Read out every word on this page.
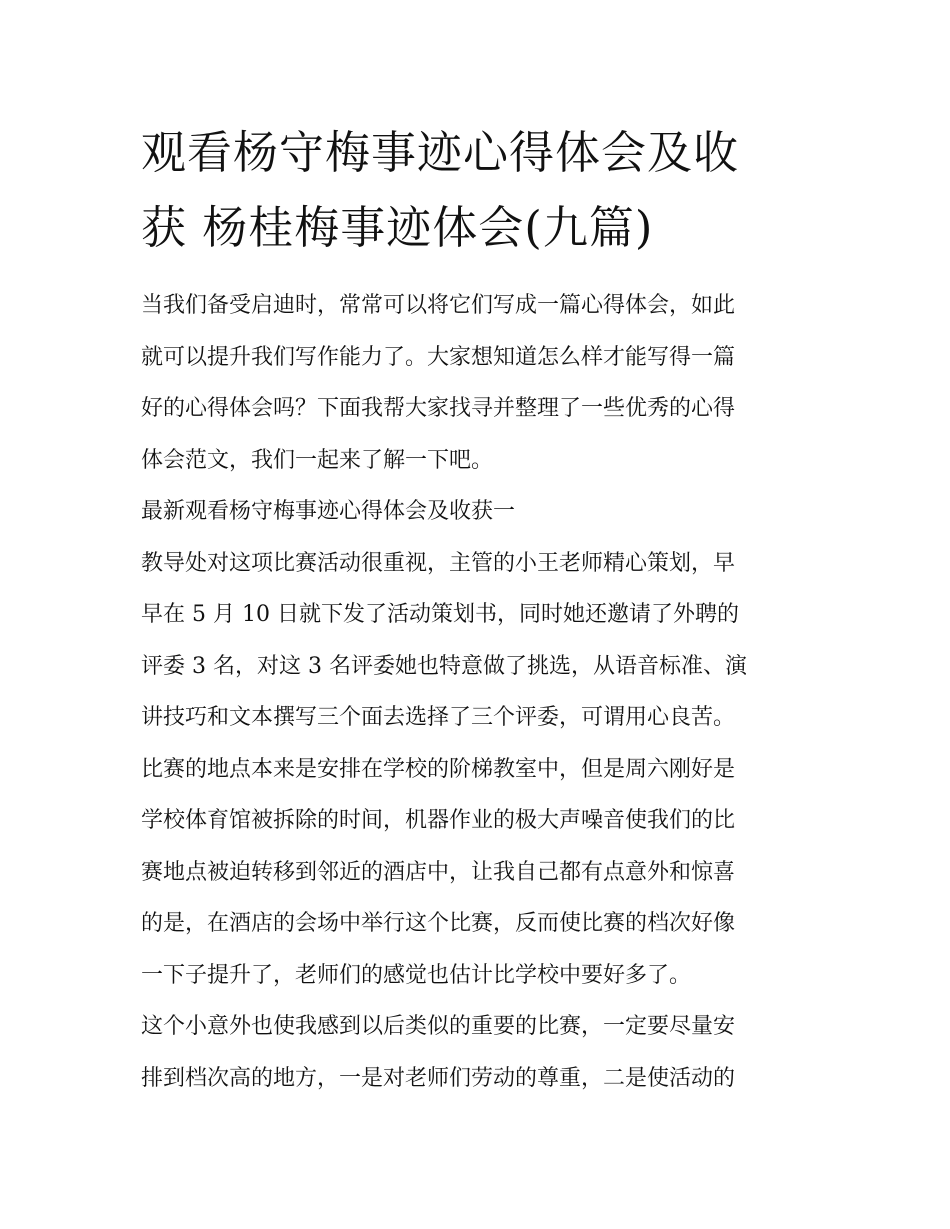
观看杨守梅事迹心得体会及收
获 杨桂梅事迹体会(九篇)
当我们备受启迪时，常常可以将它们写成一篇心得体会，如此
就可以提升我们写作能力了。大家想知道怎么样才能写得一篇
好的心得体会吗？下面我帮大家找寻并整理了一些优秀的心得
体会范文，我们一起来了解一下吧。
最新观看杨守梅事迹心得体会及收获一
教导处对这项比赛活动很重视，主管的小王老师精心策划，早
早在 5 月 10 日就下发了活动策划书，同时她还邀请了外聘的
评委 3 名，对这 3 名评委她也特意做了挑选，从语音标准、演
讲技巧和文本撰写三个面去选择了三个评委，可谓用心良苦。
比赛的地点本来是安排在学校的阶梯教室中，但是周六刚好是
学校体育馆被拆除的时间，机器作业的极大声噪音使我们的比
赛地点被迫转移到邻近的酒店中，让我自己都有点意外和惊喜
的是，在酒店的会场中举行这个比赛，反而使比赛的档次好像
一下子提升了，老师们的感觉也估计比学校中要好多了。
这个小意外也使我感到以后类似的重要的比赛，一定要尽量安
排到档次高的地方，一是对老师们劳动的尊重，二是使活动的
